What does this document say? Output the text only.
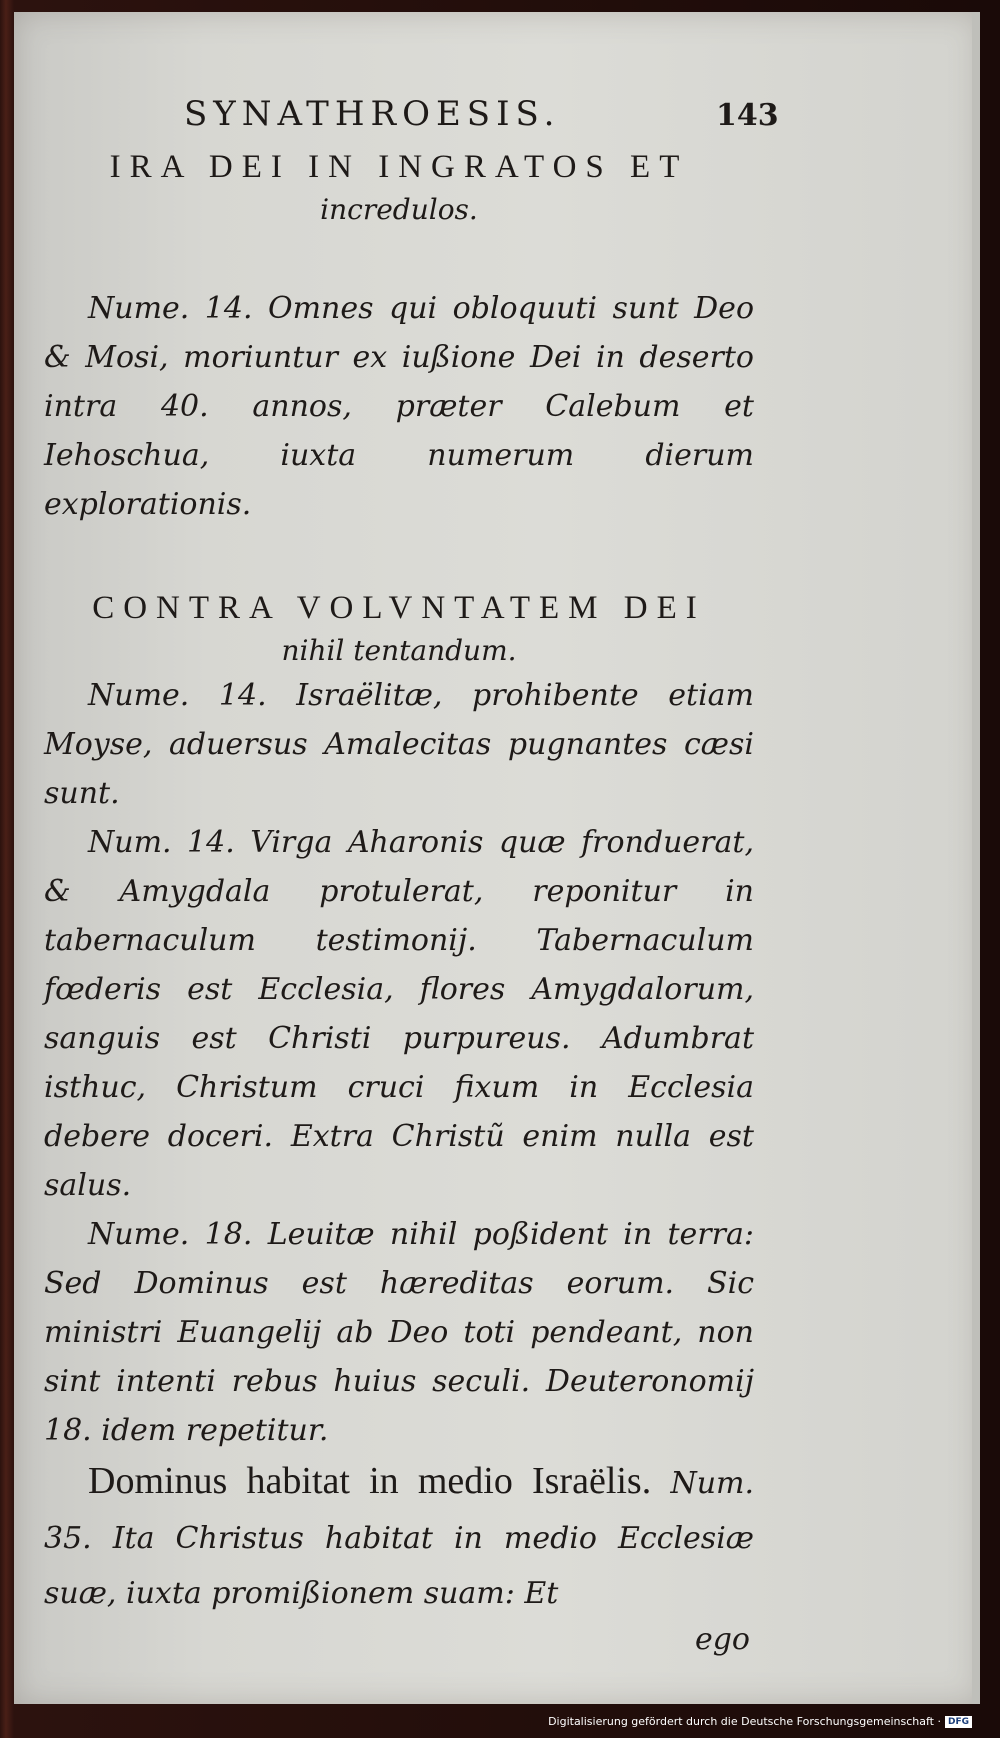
SYNATHROESIS.	143

IRA DEI IN INGRATOS ET

incredulos.

Nume. 14. Omnes qui obloquuti sunt Deo & Mosi, moriuntur ex iußione Dei in deserto intra 40. annos, præter Calebum et Iehoschua, iuxta numerum dierum explorationis.

CONTRA VOLVNTATEM DEI

nihil tentandum.

Nume. 14. Israëlitæ, prohibente etiam Moyse, aduersus Amalecitas pugnantes cæsi sunt.

Num. 14. Virga Aharonis quæ fronduerat, & Amygdala protulerat, reponitur in tabernaculum testimonij. Tabernaculum fœderis est Ecclesia, flores Amygdalorum, sanguis est Christi purpureus. Adumbrat isthuc, Christum cruci fixum in Ecclesia debere doceri. Extra Christũ enim nulla est salus.

Nume. 18. Leuitæ nihil poßident in terra: Sed Dominus est hæreditas eorum. Sic ministri Euangelij ab Deo toti pendeant, non sint intenti rebus huius seculi. Deuteronomij 18. idem repetitur.

Dominus habitat in medio Israëlis. Num. 35. Ita Christus habitat in medio Ecclesiæ suæ, iuxta promißionem suam: Et

ego

Digitalisierung gefördert durch die Deutsche Forschungsgemeinschaft · DFG
